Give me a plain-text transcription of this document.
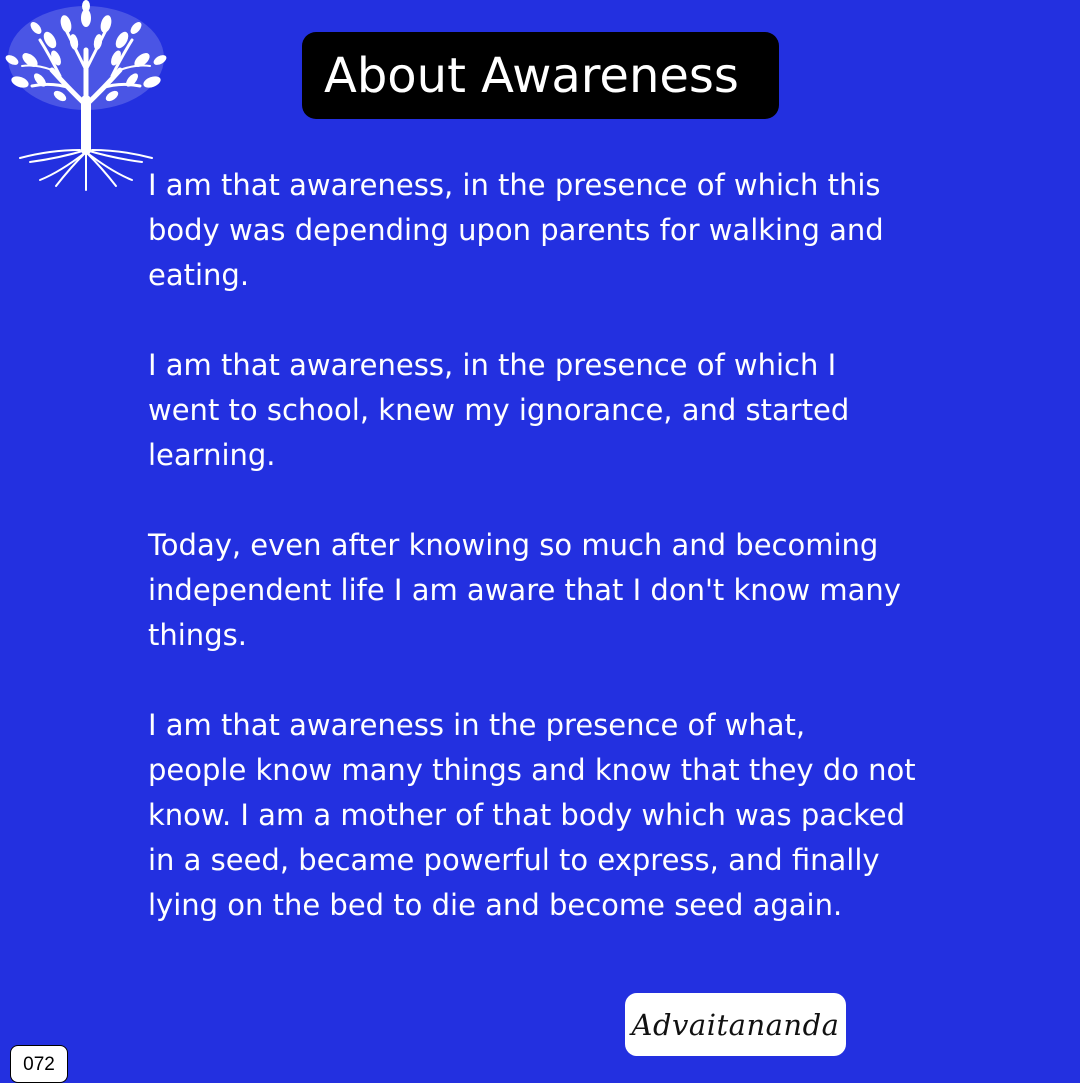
About Awareness

I am that awareness, in the presence of which this
body was depending upon parents for walking and
eating.

I am that awareness, in the presence of which I
went to school, knew my ignorance, and started
learning.

Today, even after knowing so much and becoming
independent life I am aware that I don't know many
things.

I am that awareness in the presence of what,
people know many things and know that they do not
know. I am a mother of that body which was packed
in a seed, became powerful to express, and finally
lying on the bed to die and become seed again.

Advaitananda
072
